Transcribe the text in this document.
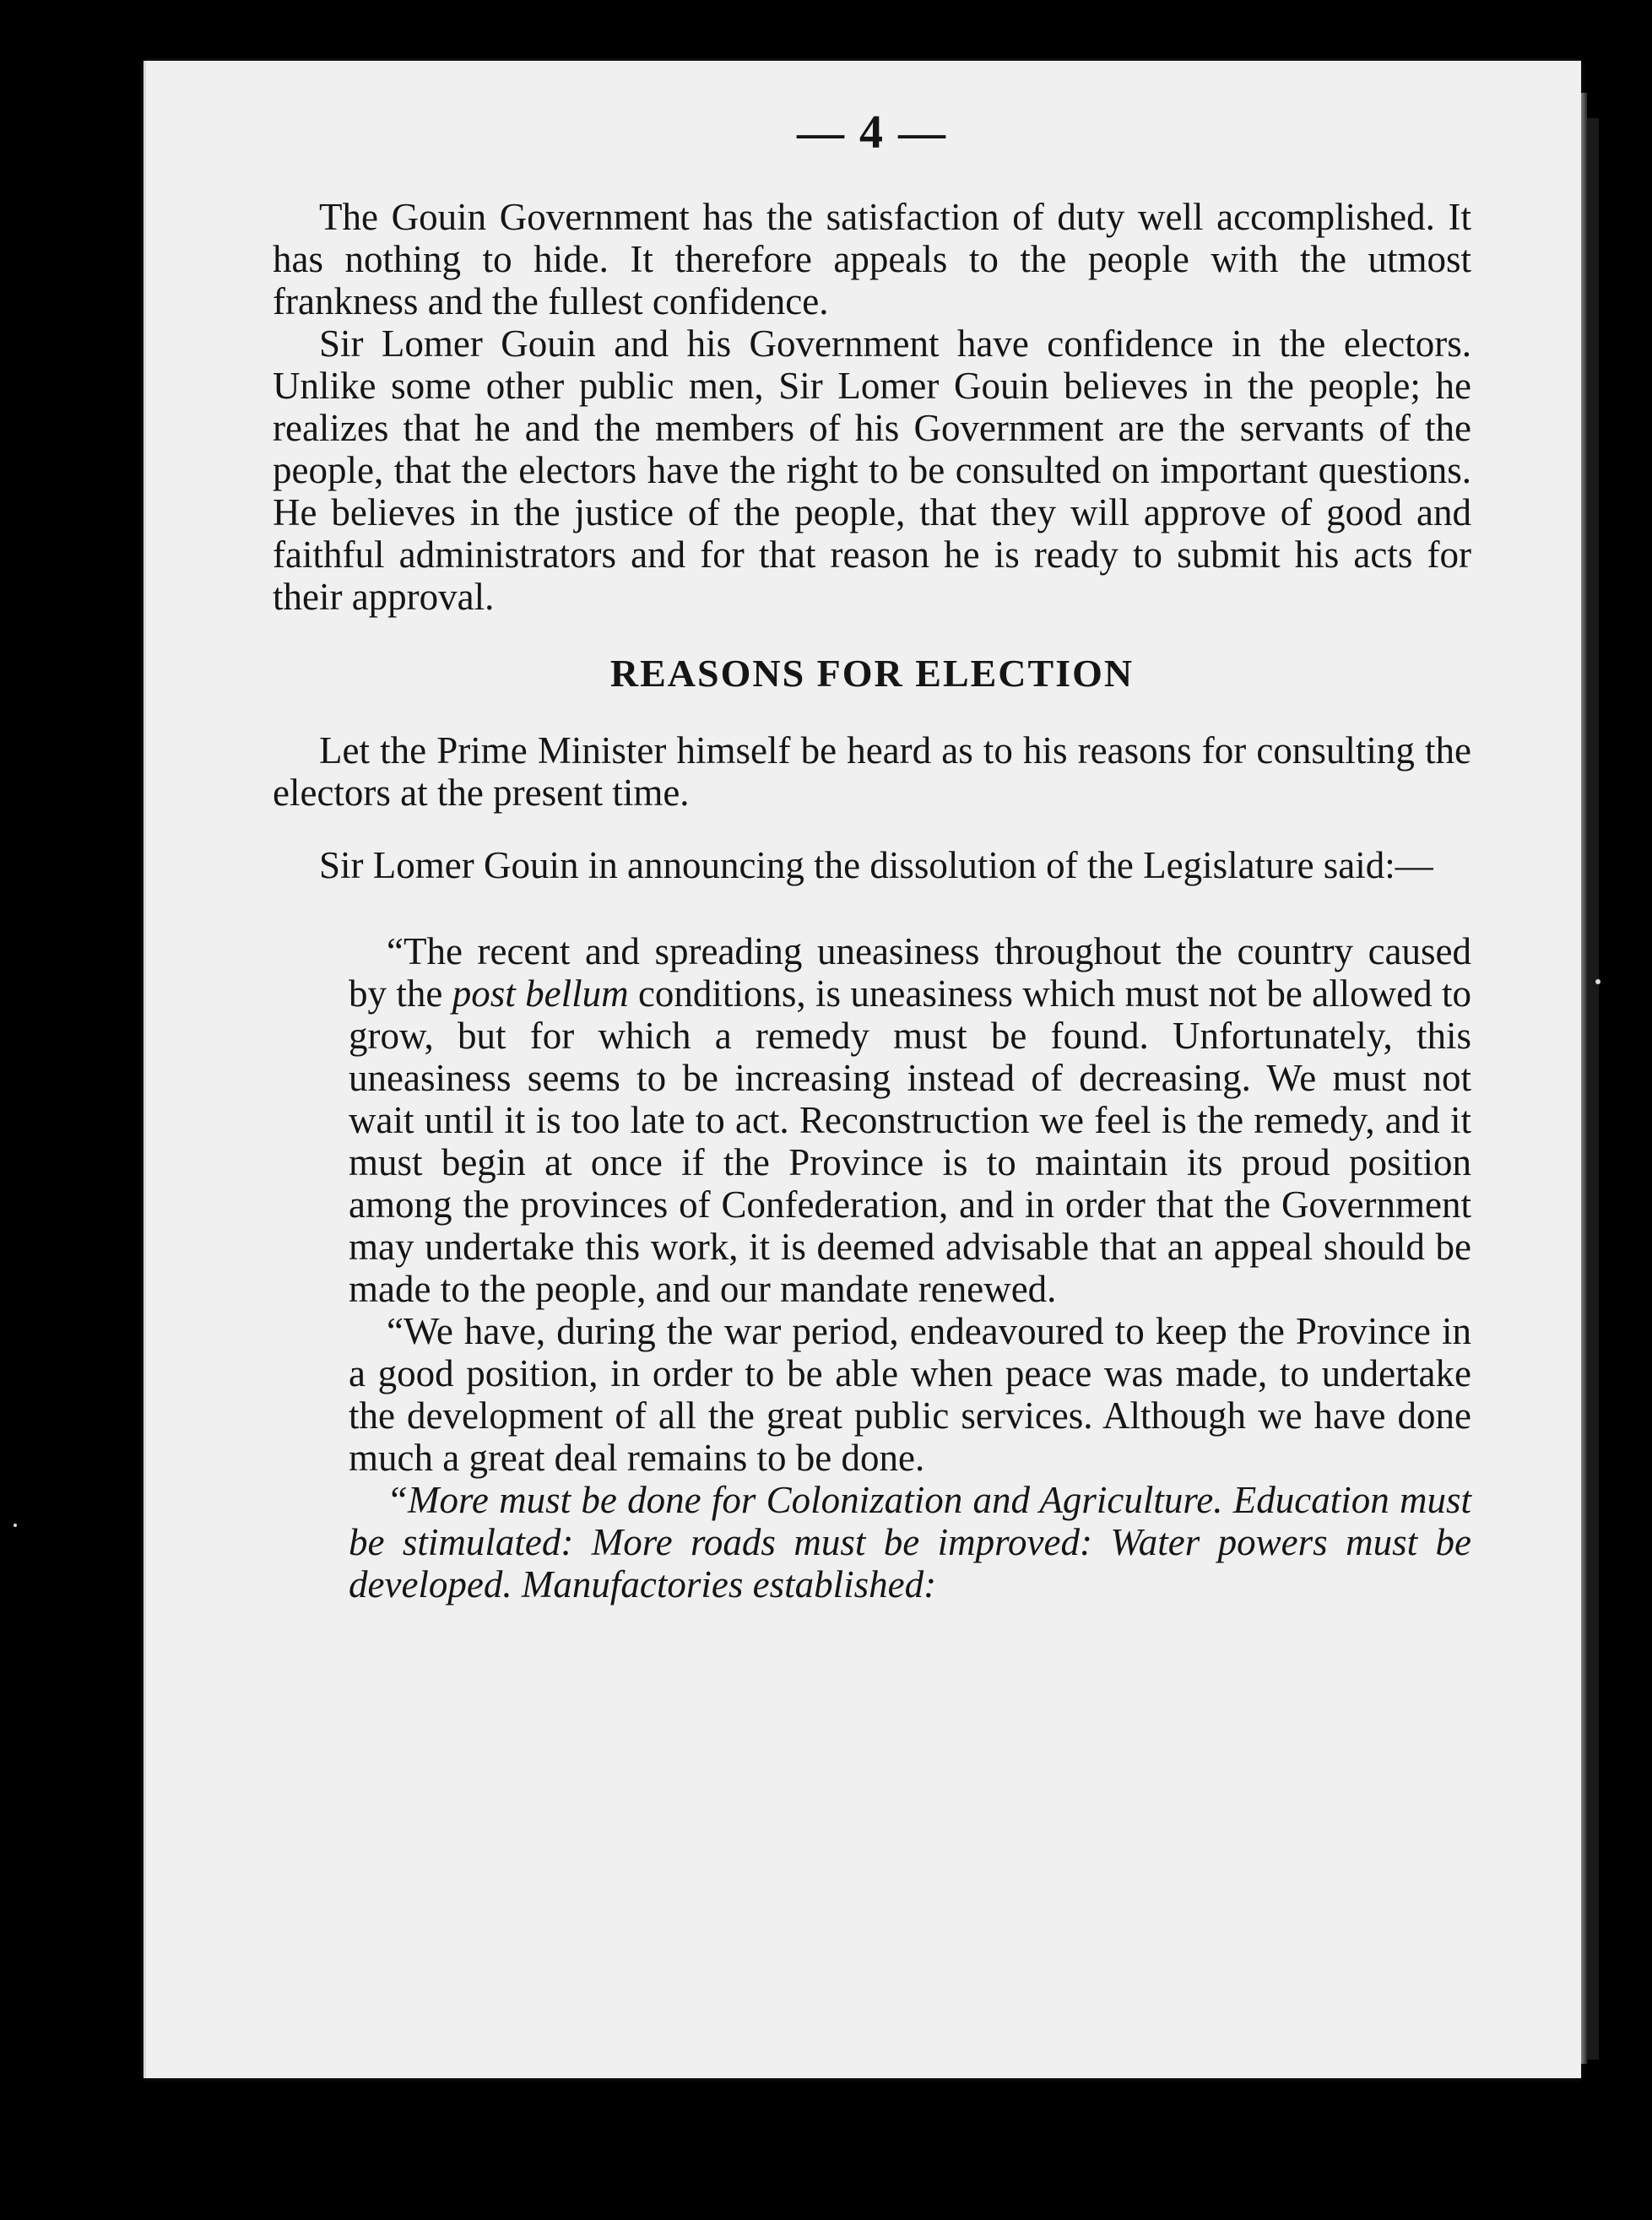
— 4 —

The Gouin Government has the satisfaction of duty well accomplished. It has nothing to hide. It therefore appeals to the people with the utmost frankness and the fullest confidence.

Sir Lomer Gouin and his Government have confidence in the electors. Unlike some other public men, Sir Lomer Gouin believes in the people; he realizes that he and the members of his Government are the servants of the people, that the electors have the right to be consulted on important questions. He believes in the justice of the people, that they will approve of good and faithful administrators and for that reason he is ready to submit his acts for their approval.

REASONS FOR ELECTION

Let the Prime Minister himself be heard as to his reasons for consulting the electors at the present time.

Sir Lomer Gouin in announcing the dissolution of the Legislature said:—

“The recent and spreading uneasiness throughout the country caused by the post bellum conditions, is uneasiness which must not be allowed to grow, but for which a remedy must be found. Unfortunately, this uneasiness seems to be increasing instead of decreasing. We must not wait until it is too late to act. Reconstruction we feel is the remedy, and it must begin at once if the Province is to maintain its proud position among the provinces of Confederation, and in order that the Government may undertake this work, it is deemed advisable that an appeal should be made to the people, and our mandate renewed.

“We have, during the war period, endeavoured to keep the Province in a good position, in order to be able when peace was made, to undertake the development of all the great public services. Although we have done much a great deal remains to be done.

“More must be done for Colonization and Agriculture. Education must be stimulated: More roads must be improved: Water powers must be developed. Manufactories established:
